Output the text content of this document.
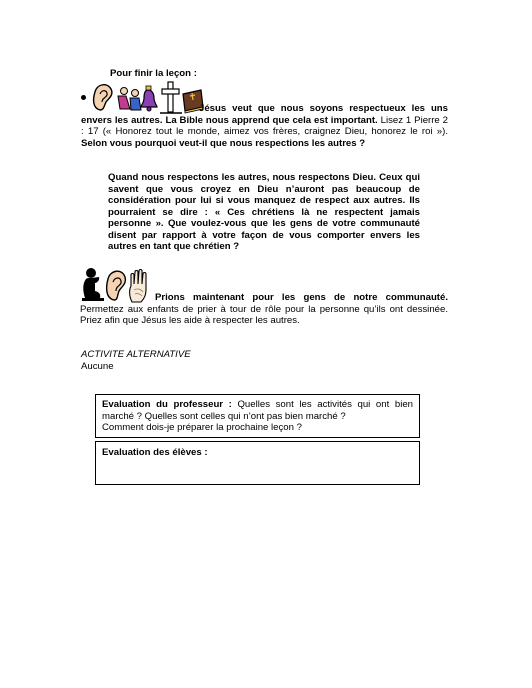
Pour finir la leçon :
Jésus veut que nous soyons respectueux les uns envers les autres. La Bible nous apprend que cela est important. Lisez 1 Pierre 2 : 17 (« Honorez tout le monde, aimez vos frères, craignez Dieu, honorez le roi »). Selon vous pourquoi veut-il que nous respections les autres ?
Quand nous respectons les autres, nous respectons Dieu. Ceux qui savent que vous croyez en Dieu n’auront pas beaucoup de considération pour lui si vous manquez de respect aux autres. Ils pourraient se dire : « Ces chrétiens là ne respectent jamais personne ». Que voulez-vous que les gens de votre communauté disent par rapport à votre façon de vous comporter envers les autres en tant que chrétien ?
Prions maintenant pour les gens de notre communauté. Permettez aux enfants de prier à tour de rôle pour la personne qu’ils ont dessinée. Priez afin que Jésus les aide à respecter les autres.
ACTIVITE ALTERNATIVE
Aucune
Evaluation du professeur : Quelles sont les activités qui ont bien marché ? Quelles sont celles qui n’ont pas bien marché ?
Comment dois-je préparer la prochaine leçon ?
Evaluation des élèves :
